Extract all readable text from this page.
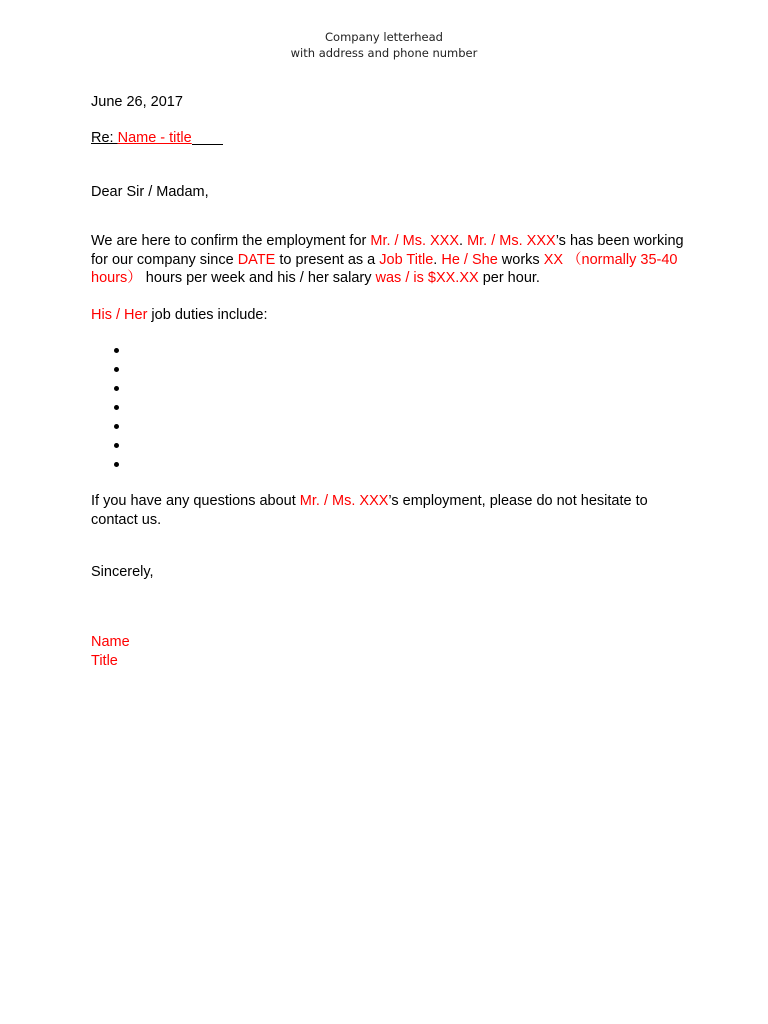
Company letterhead
with address and phone number
June 26, 2017
Re: Name - title
Dear Sir / Madam,
We are here to confirm the employment for Mr. / Ms. XXX. Mr. / Ms. XXX’s has been working for our company since DATE to present as a Job Title. He / She works XX （normally 35-40 hours） hours per week and his / her salary was / is $XX.XX per hour.
His / Her job duties include:
If you have any questions about Mr. / Ms. XXX’s employment, please do not hesitate to contact us.
Sincerely,
Name
Title
